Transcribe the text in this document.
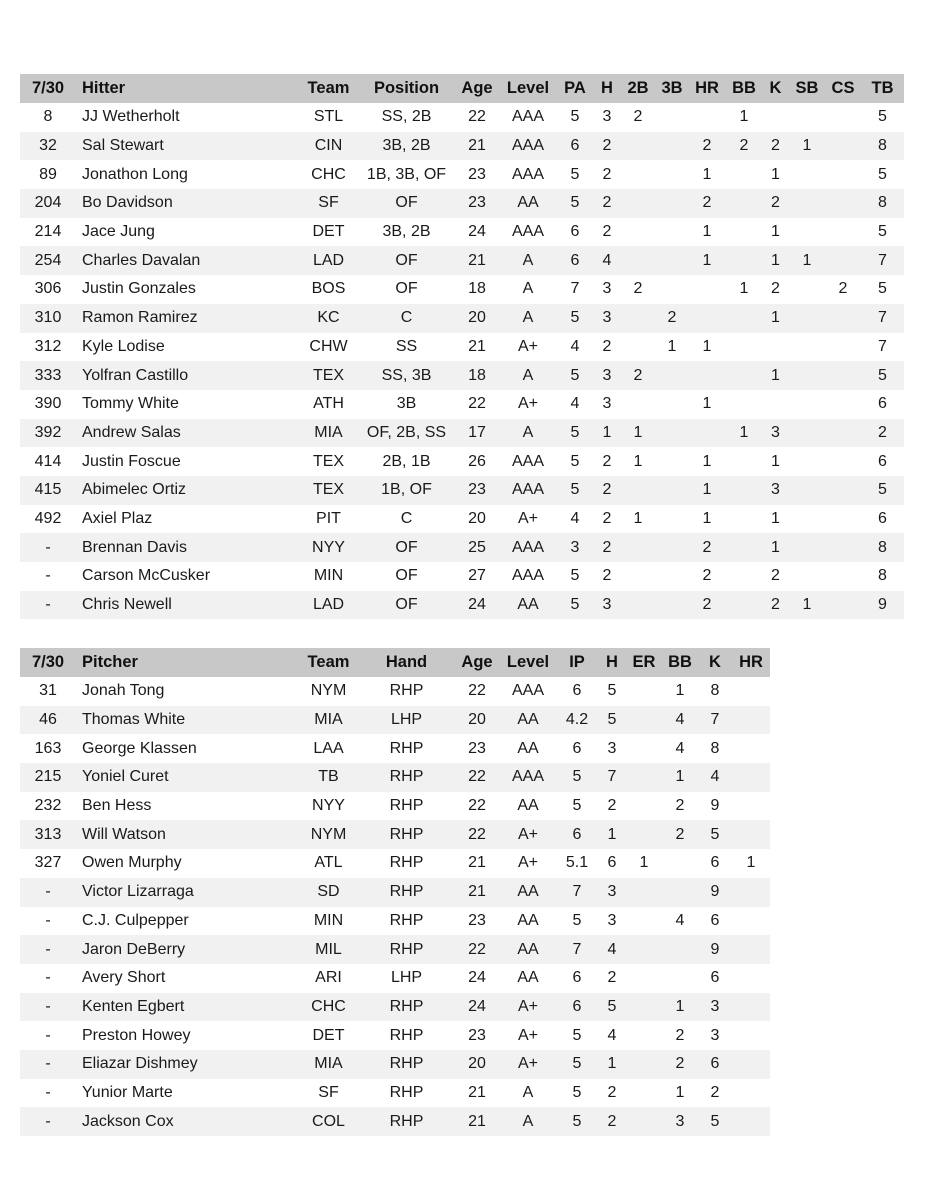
7/30	Hitter	Team	Position	Age	Level	PA	H	2B	3B	HR	BB	K	SB	CS	TB
8	JJ Wetherholt	STL	SS, 2B	22	AAA	5	3	2			1				5
32	Sal Stewart	CIN	3B, 2B	21	AAA	6	2			2	2	2	1		8
89	Jonathon Long	CHC	1B, 3B, OF	23	AAA	5	2			1		1			5
204	Bo Davidson	SF	OF	23	AA	5	2			2		2			8
214	Jace Jung	DET	3B, 2B	24	AAA	6	2			1		1			5
254	Charles Davalan	LAD	OF	21	A	6	4			1		1	1		7
306	Justin Gonzales	BOS	OF	18	A	7	3	2			1	2		2	5
310	Ramon Ramirez	KC	C	20	A	5	3		2			1			7
312	Kyle Lodise	CHW	SS	21	A+	4	2		1	1					7
333	Yolfran Castillo	TEX	SS, 3B	18	A	5	3	2				1			5
390	Tommy White	ATH	3B	22	A+	4	3			1					6
392	Andrew Salas	MIA	OF, 2B, SS	17	A	5	1	1			1	3			2
414	Justin Foscue	TEX	2B, 1B	26	AAA	5	2	1		1		1			6
415	Abimelec Ortiz	TEX	1B, OF	23	AAA	5	2			1		3			5
492	Axiel Plaz	PIT	C	20	A+	4	2	1		1		1			6
-	Brennan Davis	NYY	OF	25	AAA	3	2			2		1			8
-	Carson McCusker	MIN	OF	27	AAA	5	2			2		2			8
-	Chris Newell	LAD	OF	24	AA	5	3			2		2	1		9
7/30	Pitcher	Team	Hand	Age	Level	IP	H	ER	BB	K	HR
31	Jonah Tong	NYM	RHP	22	AAA	6	5		1	8	
46	Thomas White	MIA	LHP	20	AA	4.2	5		4	7	
163	George Klassen	LAA	RHP	23	AA	6	3		4	8	
215	Yoniel Curet	TB	RHP	22	AAA	5	7		1	4	
232	Ben Hess	NYY	RHP	22	AA	5	2		2	9	
313	Will Watson	NYM	RHP	22	A+	6	1		2	5	
327	Owen Murphy	ATL	RHP	21	A+	5.1	6	1		6	1
-	Victor Lizarraga	SD	RHP	21	AA	7	3			9	
-	C.J. Culpepper	MIN	RHP	23	AA	5	3		4	6	
-	Jaron DeBerry	MIL	RHP	22	AA	7	4			9	
-	Avery Short	ARI	LHP	24	AA	6	2			6	
-	Kenten Egbert	CHC	RHP	24	A+	6	5		1	3	
-	Preston Howey	DET	RHP	23	A+	5	4		2	3	
-	Eliazar Dishmey	MIA	RHP	20	A+	5	1		2	6	
-	Yunior Marte	SF	RHP	21	A	5	2		1	2	
-	Jackson Cox	COL	RHP	21	A	5	2		3	5	
